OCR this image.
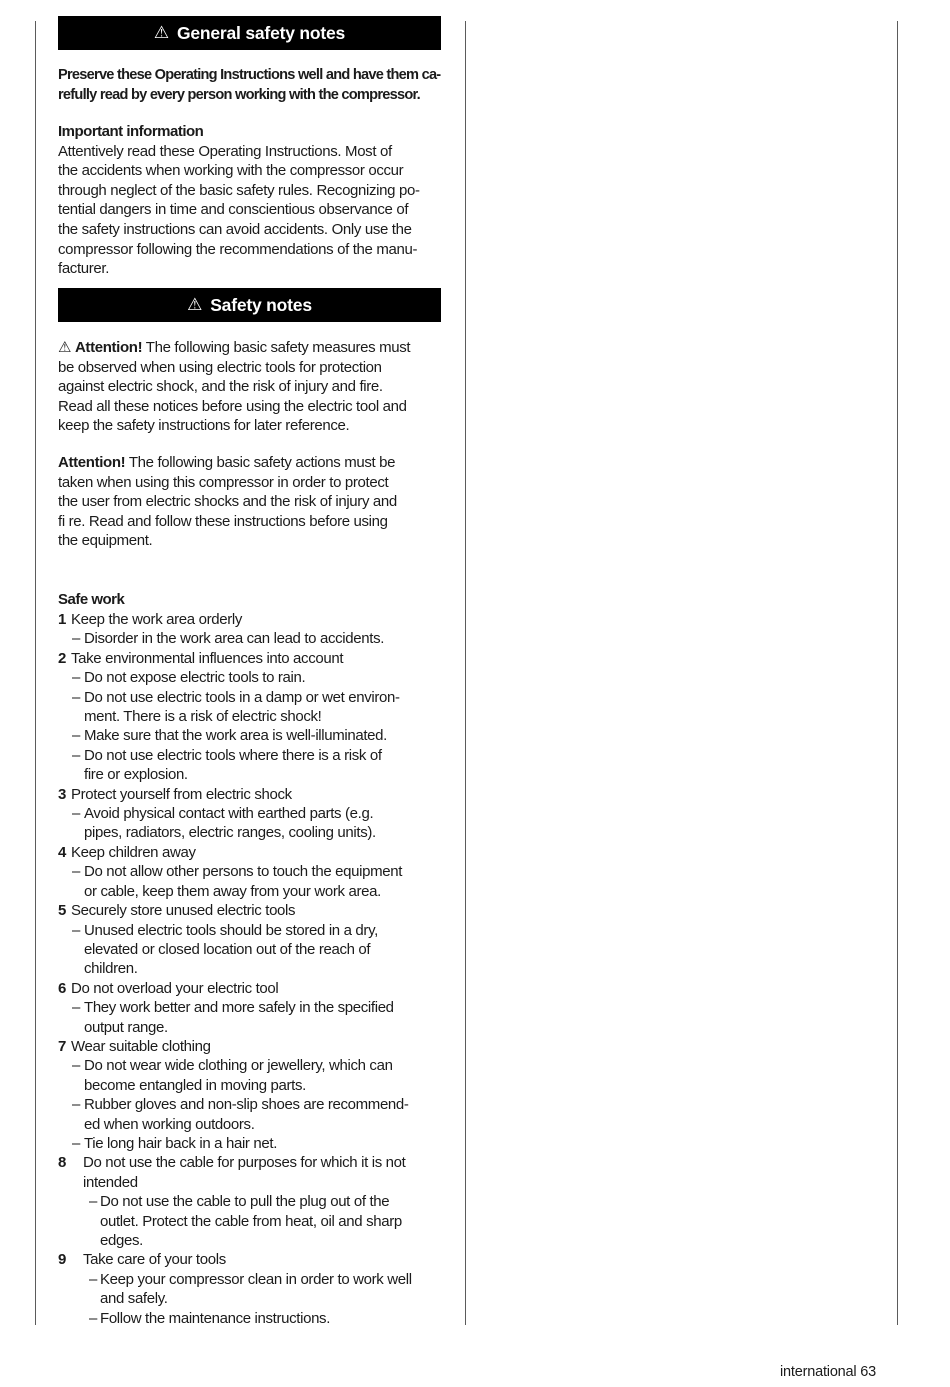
⚠ General safety notes
Preserve these Operating Instructions well and have them ca-
refully read by every person working with the compressor.
Important information
Attentively read these Operating Instructions. Most of
the accidents when working with the compressor occur
through neglect of the basic safety rules. Recognizing po-
tential dangers in time and conscientious observance of
the safety instructions can avoid accidents. Only use the
compressor following the recommendations of the manu-
facturer.
⚠ Safety notes
⚠ Attention! The following basic safety measures must
be observed when using electric tools for protection
against electric shock, and the risk of injury and fire.
Read all these notices before using the electric tool and
keep the safety instructions for later reference.
Attention! The following basic safety actions must be
taken when using this compressor in order to protect
the user from electric shocks and the risk of injury and
fi re. Read and follow these instructions before using
the equipment.
Safe work
1 Keep the work area orderly
– Disorder in the work area can lead to accidents.
2 Take environmental influences into account
– Do not expose electric tools to rain.
– Do not use electric tools in a damp or wet environ-
ment. There is a risk of electric shock!
– Make sure that the work area is well-illuminated.
– Do not use electric tools where there is a risk of
fire or explosion.
3 Protect yourself from electric shock
– Avoid physical contact with earthed parts (e.g.
pipes, radiators, electric ranges, cooling units).
4 Keep children away
– Do not allow other persons to touch the equipment
or cable, keep them away from your work area.
5 Securely store unused electric tools
– Unused electric tools should be stored in a dry,
elevated or closed location out of the reach of
children.
6 Do not overload your electric tool
– They work better and more safely in the specified
output range.
7 Wear suitable clothing
– Do not wear wide clothing or jewellery, which can
become entangled in moving parts.
– Rubber gloves and non-slip shoes are recommend-
ed when working outdoors.
– Tie long hair back in a hair net.
8	Do not use the cable for purposes for which it is not
intended
– Do not use the cable to pull the plug out of the
outlet. Protect the cable from heat, oil and sharp
edges.
9	Take care of your tools
– Keep your compressor clean in order to work well
and safely.
– Follow the maintenance instructions.
international 63
